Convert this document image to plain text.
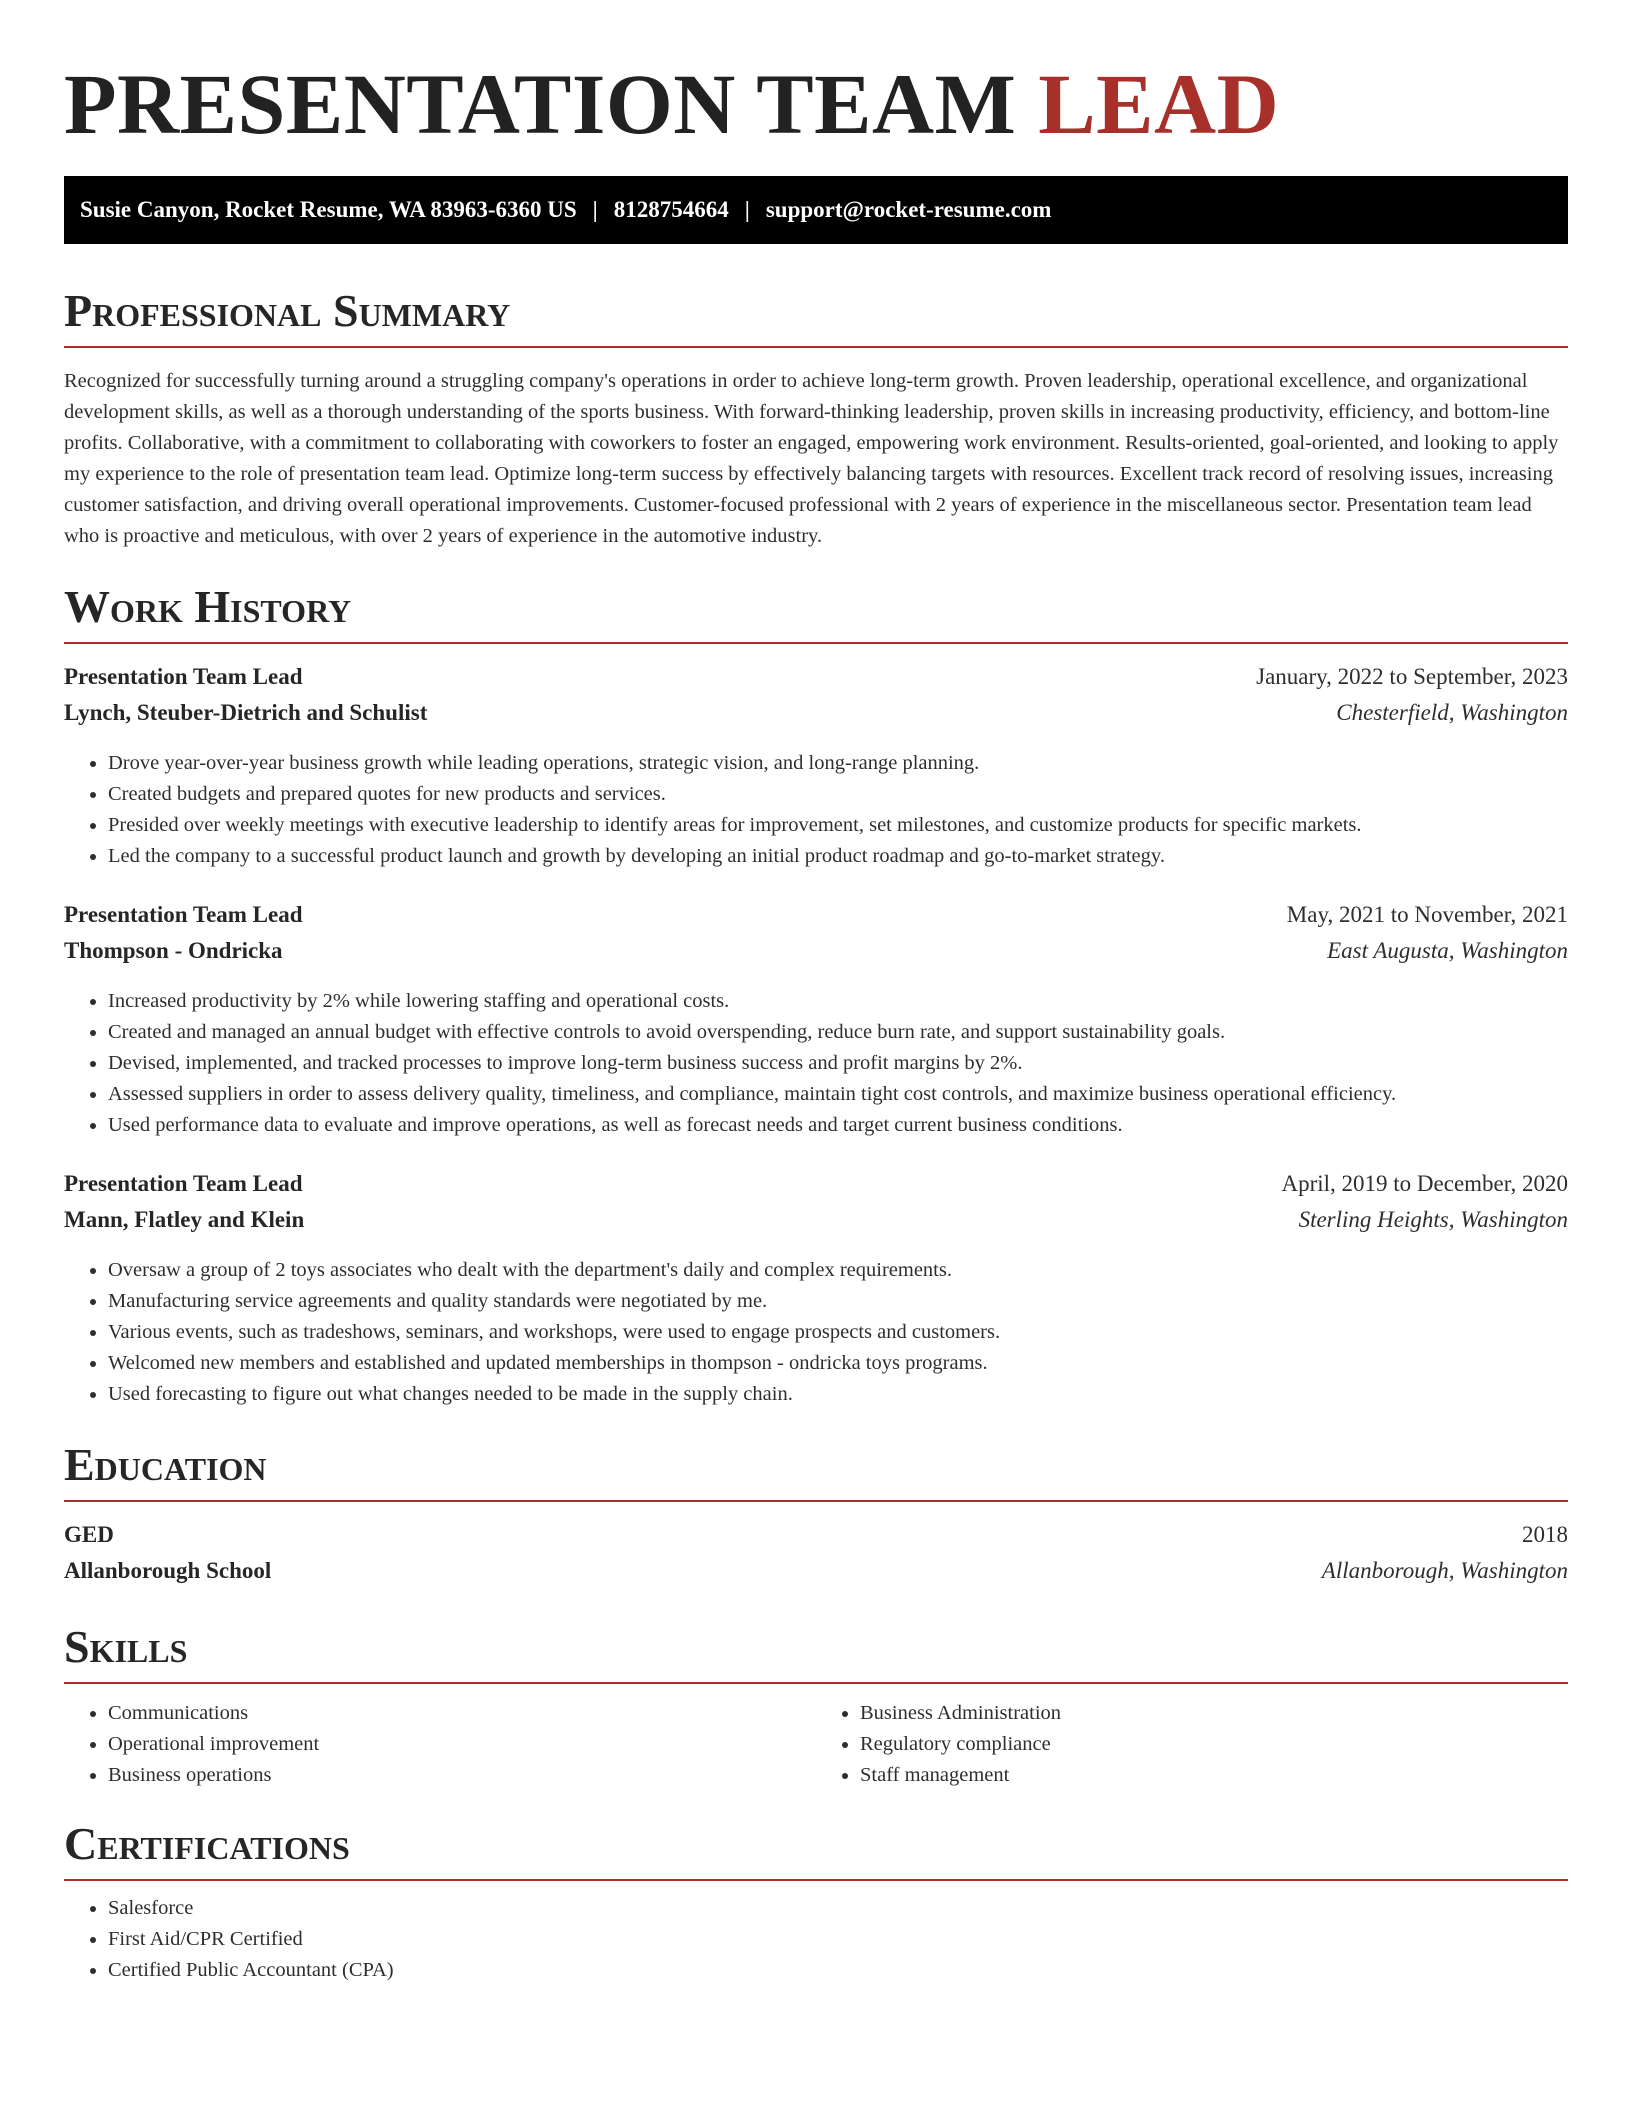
PRESENTATION TEAM LEAD
Susie Canyon, Rocket Resume, WA 83963-6360 US | 8128754664 | support@rocket-resume.com
Professional Summary

Recognized for successfully turning around a struggling company's operations in order to achieve long-term growth. Proven leadership, operational excellence, and organizational development skills, as well as a thorough understanding of the sports business. With forward-thinking leadership, proven skills in increasing productivity, efficiency, and bottom-line profits. Collaborative, with a commitment to collaborating with coworkers to foster an engaged, empowering work environment. Results-oriented, goal-oriented, and looking to apply my experience to the role of presentation team lead. Optimize long-term success by effectively balancing targets with resources. Excellent track record of resolving issues, increasing customer satisfaction, and driving overall operational improvements. Customer-focused professional with 2 years of experience in the miscellaneous sector. Presentation team lead who is proactive and meticulous, with over 2 years of experience in the automotive industry.

Work History
Presentation Team Lead	January, 2022 to September, 2023
Lynch, Steuber-Dietrich and Schulist	Chesterfield, Washington
• Drove year-over-year business growth while leading operations, strategic vision, and long-range planning.
• Created budgets and prepared quotes for new products and services.
• Presided over weekly meetings with executive leadership to identify areas for improvement, set milestones, and customize products for specific markets.
• Led the company to a successful product launch and growth by developing an initial product roadmap and go-to-market strategy.
Presentation Team Lead	May, 2021 to November, 2021
Thompson - Ondricka	East Augusta, Washington
• Increased productivity by 2% while lowering staffing and operational costs.
• Created and managed an annual budget with effective controls to avoid overspending, reduce burn rate, and support sustainability goals.
• Devised, implemented, and tracked processes to improve long-term business success and profit margins by 2%.
• Assessed suppliers in order to assess delivery quality, timeliness, and compliance, maintain tight cost controls, and maximize business operational efficiency.
• Used performance data to evaluate and improve operations, as well as forecast needs and target current business conditions.
Presentation Team Lead	April, 2019 to December, 2020
Mann, Flatley and Klein	Sterling Heights, Washington
• Oversaw a group of 2 toys associates who dealt with the department's daily and complex requirements.
• Manufacturing service agreements and quality standards were negotiated by me.
• Various events, such as tradeshows, seminars, and workshops, were used to engage prospects and customers.
• Welcomed new members and established and updated memberships in thompson - ondricka toys programs.
• Used forecasting to figure out what changes needed to be made in the supply chain.
Education
GED	2018
Allanborough School	Allanborough, Washington
Skills
• Communications
• Operational improvement
• Business operations
• Business Administration
• Regulatory compliance
• Staff management
Certifications
• Salesforce
• First Aid/CPR Certified
• Certified Public Accountant (CPA)
